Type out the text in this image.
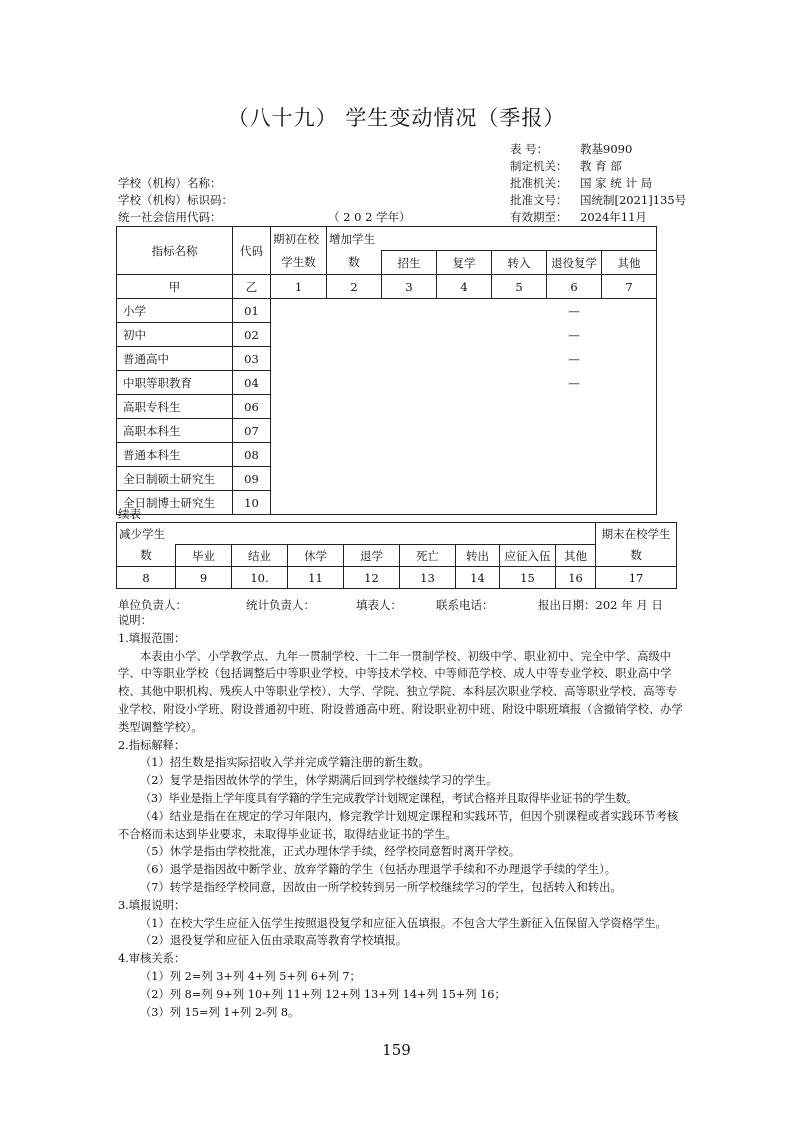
（八十九） 学生变动情况（季报）
表 号：	教基9090
制定机关： 教 育 部
批准机关： 国 家 统 计 局
批准文号： 国统制[2021]135号
有效期至： 2024年11月
学校（机构）名称：
学校（机构）标识码：
统一社会信用代码：	（ 2 0 2 学年）
指标名称	代码	期初在校	增加学生					
		学生数	数	招生	复学	转入	退役复学	其他
甲	乙	1	2	3	4	5	6	7
小学	01						—	
初中	02						—	
普通高中	03						—	
中职等职教育	04						—	
高职专科生	06							
高职本科生	07							
普通本科生	08							
全日制硕士研究生	09							
全日制博士研究生	10							
续表
减少学生									期末在校学生
数	毕业	结业	休学	退学	死亡	转出	应征入伍	其他	数
8	9	10.	11	12	13	14	15	16	17
单位负责人：	统计负责人：	填表人：	联系电话：	报出日期：202 年 月 日

说明：

1.填报范围：

本表由小学、小学教学点、九年一贯制学校、十二年一贯制学校、初级中学、职业初中、完全中学、高级中学、中等职业学校（包括调整后中等职业学校、中等技术学校、中等师范学校、成人中等专业学校、职业高中学校、其他中职机构、残疾人中等职业学校）、大学、学院、独立学院、本科层次职业学校、高等职业学校、高等专业学校、附设小学班、附设普通初中班、附设普通高中班、附设职业初中班、附设中职班填报（含撤销学校、办学类型调整学校）。

2.指标解释：

（1）招生数是指实际招收入学并完成学籍注册的新生数。

（2）复学是指因故休学的学生，休学期满后回到学校继续学习的学生。

（3）毕业是指上学年度具有学籍的学生完成教学计划规定课程，考试合格并且取得毕业证书的学生数。

（4）结业是指在在规定的学习年限内，修完教学计划规定课程和实践环节，但因个别课程或者实践环节考核不合格而未达到毕业要求，未取得毕业证书，取得结业证书的学生。

（5）休学是指由学校批准，正式办理休学手续，经学校同意暂时离开学校。

（6）退学是指因故中断学业、放弃学籍的学生（包括办理退学手续和不办理退学手续的学生）。

（7）转学是指经学校同意，因故由一所学校转到另一所学校继续学习的学生，包括转入和转出。

3.填报说明：

（1）在校大学生应征入伍学生按照退役复学和应征入伍填报。不包含大学生新征入伍保留入学资格学生。

（2）退役复学和应征入伍由录取高等教育学校填报。

4.审核关系：

（1）列 2=列 3+列 4+列 5+列 6+列 7；

（2）列 8=列 9+列 10+列 11+列 12+列 13+列 14+列 15+列 16；

（3）列 15=列 1+列 2-列 8。

159
